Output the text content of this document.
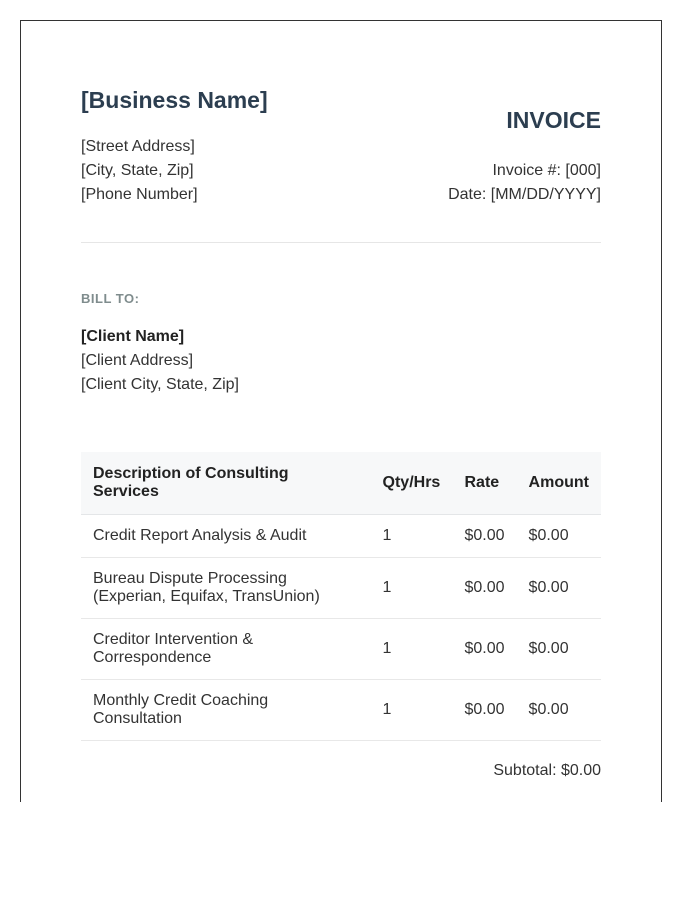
[Business Name]
[Street Address]
[City, State, Zip]
[Phone Number]
INVOICE
Invoice #: [000]
Date: [MM/DD/YYYY]
BILL TO:
[Client Name]
[Client Address]
[Client City, State, Zip]
Description of Consulting Services	Qty/Hrs	Rate	Amount

Credit Report Analysis & Audit	1	$0.00	$0.00

Bureau Dispute Processing
(Experian, Equifax, TransUnion)	1	$0.00	$0.00

Creditor Intervention &
Correspondence	1	$0.00	$0.00

Monthly Credit Coaching
Consultation	1	$0.00	$0.00
Subtotal: $0.00
